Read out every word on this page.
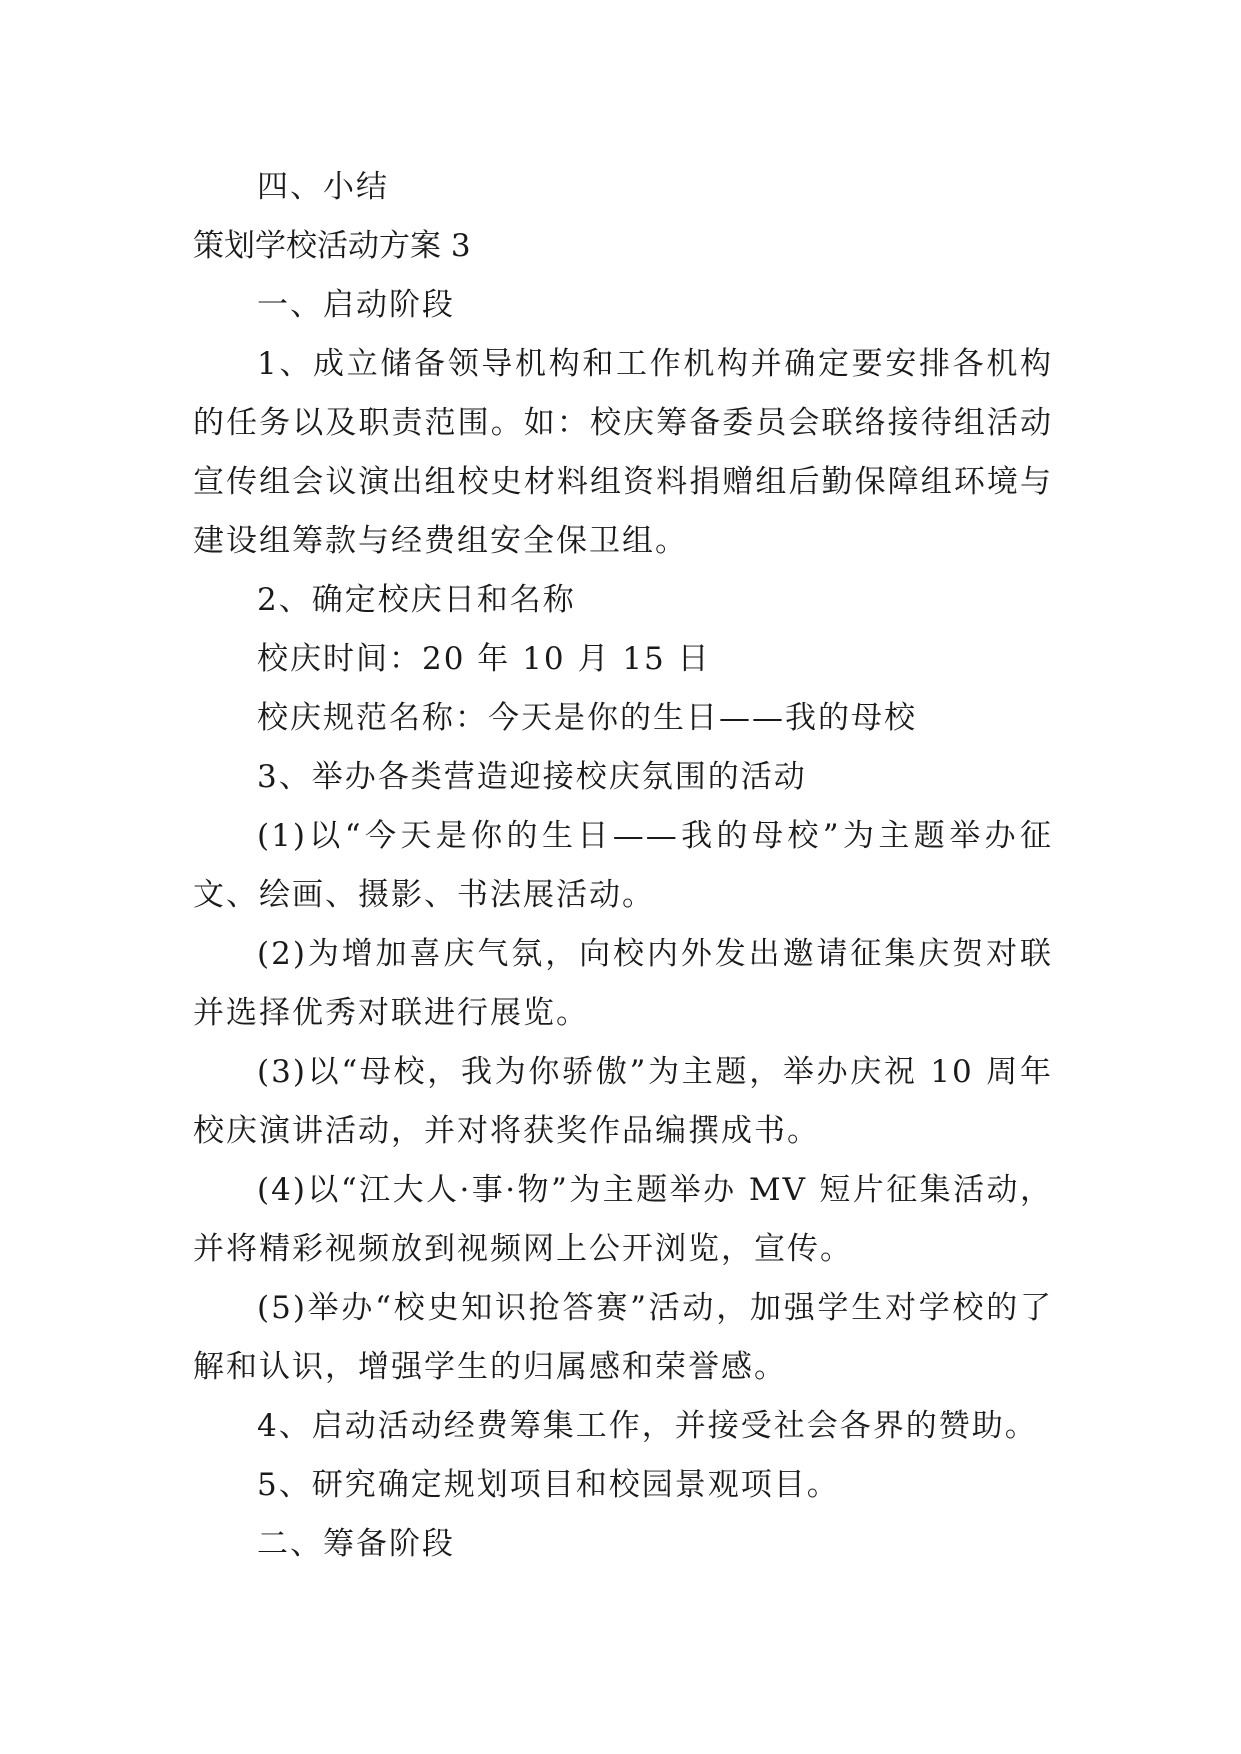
四、小结
策划学校活动方案 3
一、启动阶段
1、成立储备领导机构和工作机构并确定要安排各机构的任务以及职责范围。如：校庆筹备委员会联络接待组活动宣传组会议演出组校史材料组资料捐赠组后勤保障组环境与建设组筹款与经费组安全保卫组。
2、确定校庆日和名称
校庆时间：20 年 10 月 15 日
校庆规范名称：今天是你的生日——我的母校
3、举办各类营造迎接校庆氛围的活动
(1)以“今天是你的生日——我的母校”为主题举办征文、绘画、摄影、书法展活动。
(2)为增加喜庆气氛，向校内外发出邀请征集庆贺对联并选择优秀对联进行展览。
(3)以“母校，我为你骄傲”为主题，举办庆祝 10 周年校庆演讲活动，并对将获奖作品编撰成书。
(4)以“江大人·事·物”为主题举办 MV 短片征集活动，并将精彩视频放到视频网上公开浏览，宣传。
(5)举办“校史知识抢答赛”活动，加强学生对学校的了解和认识，增强学生的归属感和荣誉感。
4、启动活动经费筹集工作，并接受社会各界的赞助。
5、研究确定规划项目和校园景观项目。
二、筹备阶段
